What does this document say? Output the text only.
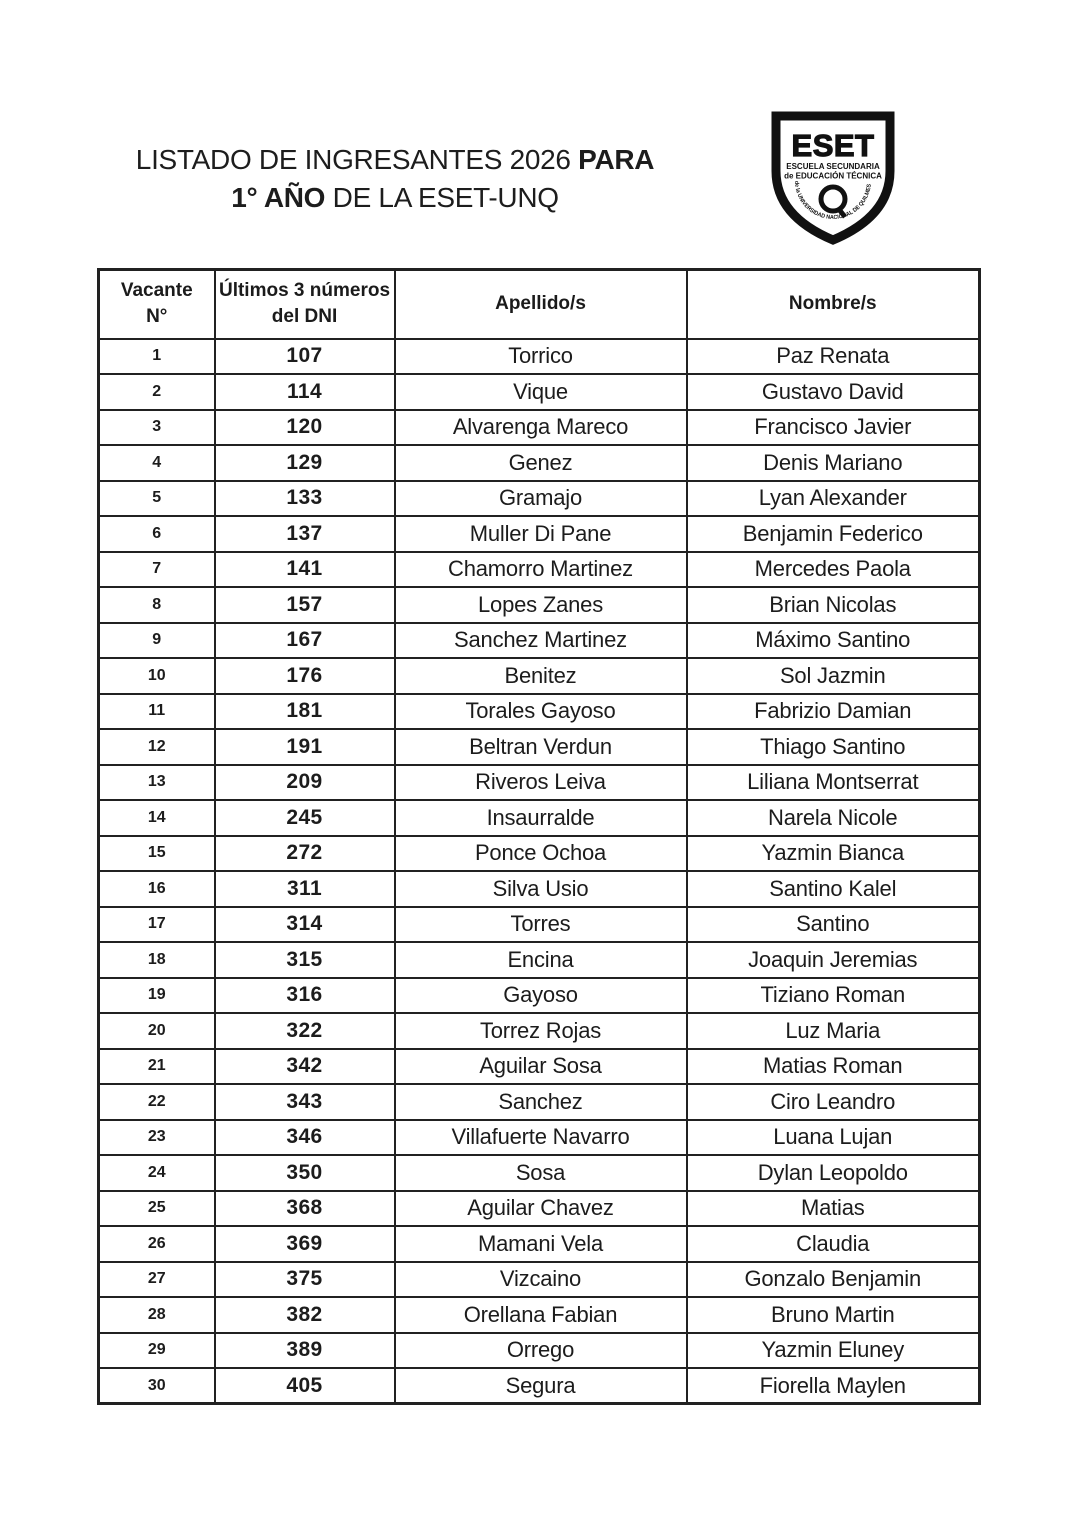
LISTADO DE INGRESANTES 2026 PARA
1° AÑO DE LA ESET-UNQ
ESET
ESCUELA SECUNDARIA
de EDUCACIÓN TÉCNICA
de la UNIVERSIDAD NACIONAL DE QUILMES
Vacante N°	Últimos 3 números del DNI	Apellido/s	Nombre/s
1	107	Torrico	Paz Renata
2	114	Vique	Gustavo David
3	120	Alvarenga Mareco	Francisco Javier
4	129	Genez	Denis Mariano
5	133	Gramajo	Lyan Alexander
6	137	Muller Di Pane	Benjamin Federico
7	141	Chamorro Martinez	Mercedes Paola
8	157	Lopes Zanes	Brian Nicolas
9	167	Sanchez Martinez	Máximo Santino
10	176	Benitez	Sol Jazmin
11	181	Torales Gayoso	Fabrizio Damian
12	191	Beltran Verdun	Thiago Santino
13	209	Riveros Leiva	Liliana Montserrat
14	245	Insaurralde	Narela Nicole
15	272	Ponce Ochoa	Yazmin Bianca
16	311	Silva Usio	Santino Kalel
17	314	Torres	Santino
18	315	Encina	Joaquin Jeremias
19	316	Gayoso	Tiziano Roman
20	322	Torrez Rojas	Luz Maria
21	342	Aguilar Sosa	Matias Roman
22	343	Sanchez	Ciro Leandro
23	346	Villafuerte Navarro	Luana Lujan
24	350	Sosa	Dylan Leopoldo
25	368	Aguilar Chavez	Matias
26	369	Mamani Vela	Claudia
27	375	Vizcaino	Gonzalo Benjamin
28	382	Orellana Fabian	Bruno Martin
29	389	Orrego	Yazmin Eluney
30	405	Segura	Fiorella Maylen
